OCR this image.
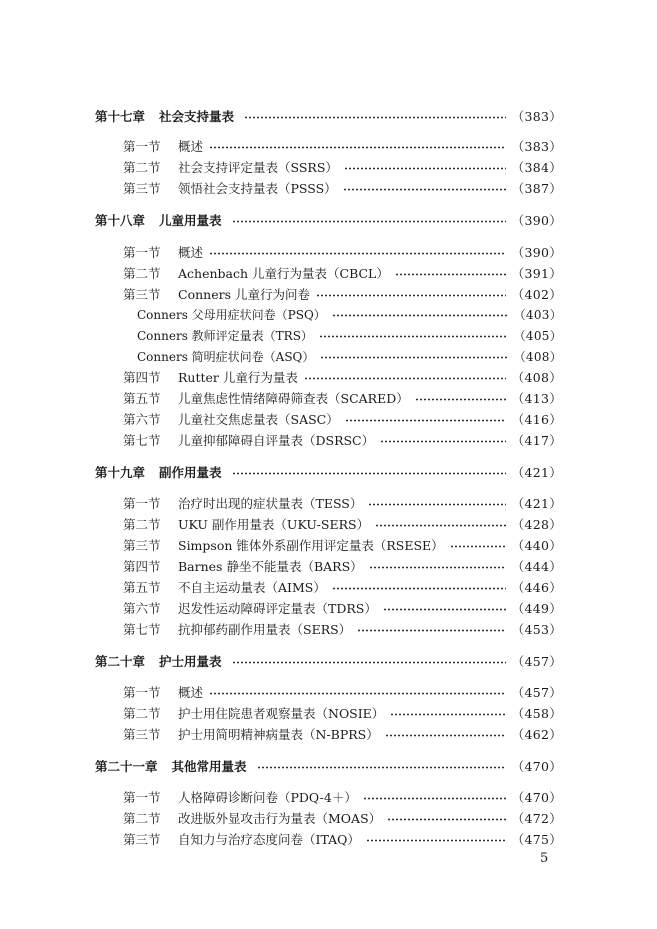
第十七章 社会支持量表	（383）
第一节	概述	（383）
第二节	社会支持评定量表（SSRS）	（384）
第三节	领悟社会支持量表（PSSS）	（387）
第十八章 儿童用量表	（390）
第一节	概述	（390）
第二节	Achenbach 儿童行为量表（CBCL）	（391）
第三节	Conners 儿童行为问卷	（402）
Conners 父母用症状问卷（PSQ）	（403）
Conners 教师评定量表（TRS）	（405）
Conners 简明症状问卷（ASQ）	（408）
第四节	Rutter 儿童行为量表	（408）
第五节	儿童焦虑性情绪障碍筛查表（SCARED）	（413）
第六节	儿童社交焦虑量表（SASC）	（416）
第七节	儿童抑郁障碍自评量表（DSRSC）	（417）
第十九章 副作用量表	（421）
第一节	治疗时出现的症状量表（TESS）	（421）
第二节	UKU 副作用量表（UKU-SERS）	（428）
第三节	Simpson 锥体外系副作用评定量表（RSESE）	（440）
第四节	Barnes 静坐不能量表（BARS）	（444）
第五节	不自主运动量表（AIMS）	（446）
第六节	迟发性运动障碍评定量表（TDRS）	（449）
第七节	抗抑郁药副作用量表（SERS）	（453）
第二十章 护士用量表	（457）
第一节	概述	（457）
第二节	护士用住院患者观察量表（NOSIE）	（458）
第三节	护士用简明精神病量表（N-BPRS）	（462）
第二十一章 其他常用量表	（470）
第一节	人格障碍诊断问卷（PDQ-4＋）	（470）
第二节	改进版外显攻击行为量表（MOAS）	（472）
第三节	自知力与治疗态度问卷（ITAQ）	（475）
5
